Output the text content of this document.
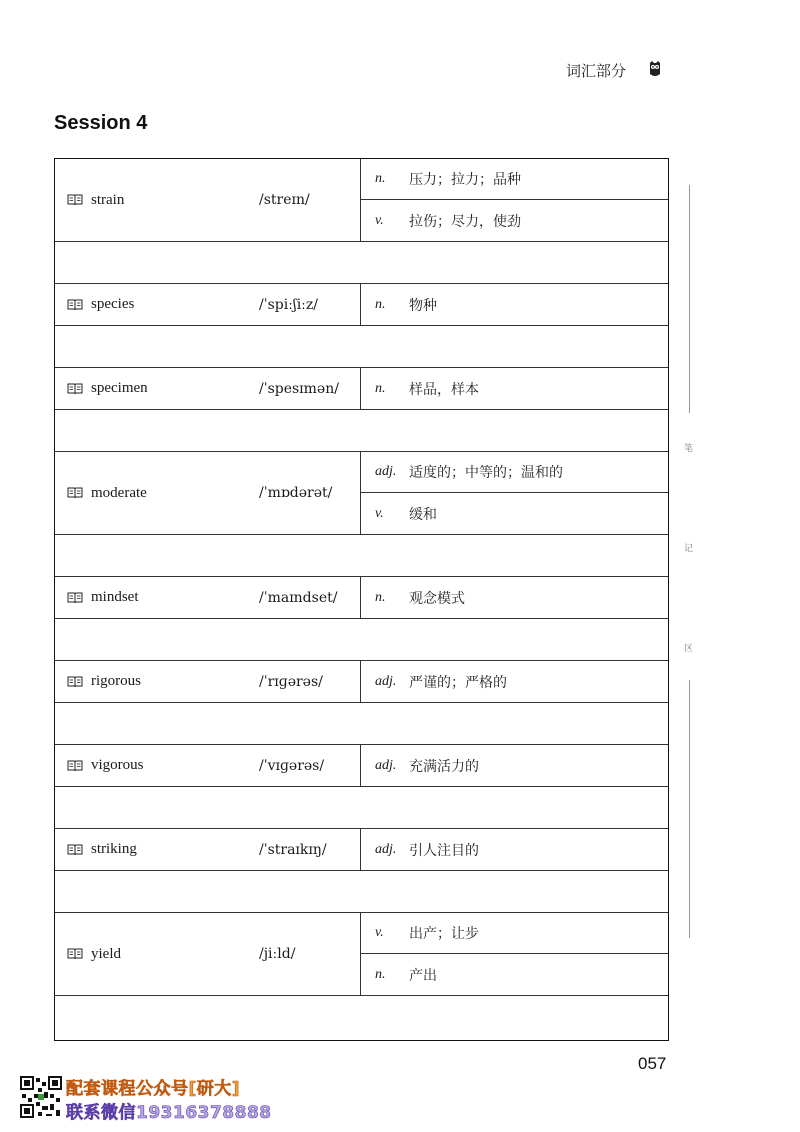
词汇部分
Session 4
strain	/streɪn/
n.	压力；拉力；品种
v.	拉伤；尽力，使劲
species	/ˈspiːʃiːz/	n.	物种
specimen	/ˈspesɪmən/	n.	样品，样本
moderate	/ˈmɒdərət/
adj. 适度的；中等的；温和的
v.	缓和
mindset	/ˈmaɪndset/	n.	观念模式
rigorous	/ˈrɪɡərəs/	adj. 严谨的；严格的
vigorous	/ˈvɪɡərəs/	adj. 充满活力的
striking	/ˈstraɪkɪŋ/	adj. 引人注目的
yield	/jiːld/
v.	出产；让步
n.	产出
笔
记
区
057
配套课程公众号[研大]
联系微信19316378888
